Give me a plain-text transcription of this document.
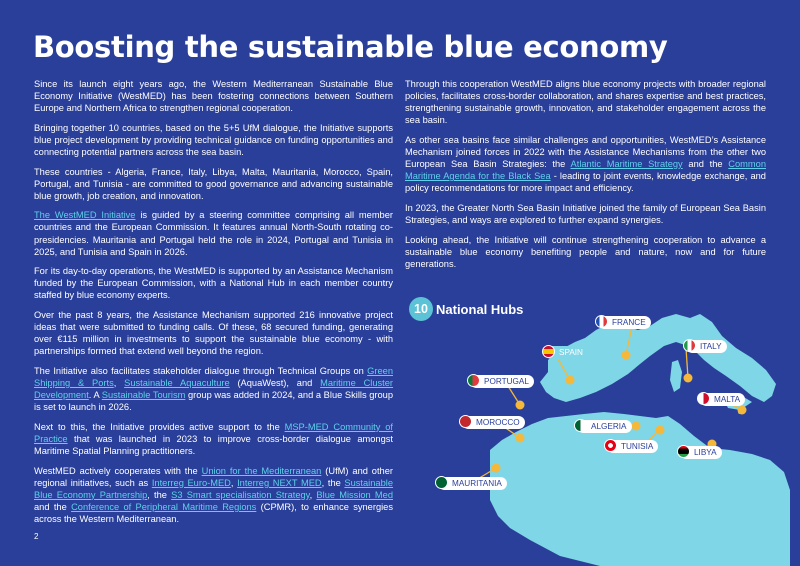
Boosting the sustainable blue economy

Since its launch eight years ago, the Western Mediterranean Sustainable Blue Economy Initiative (WestMED) has been fostering connections between Southern Europe and Northern Africa to strengthen regional cooperation.

Bringing together 10 countries, based on the 5+5 UfM dialogue, the Initiative supports blue project development by providing technical guidance on funding opportunities and connecting potential partners across the sea basin.

These countries - Algeria, France, Italy, Libya, Malta, Mauritania, Morocco, Spain, Portugal, and Tunisia - are committed to good governance and advancing sustainable blue growth, job creation, and innovation.

The WestMED Initiative is guided by a steering committee comprising all member countries and the European Commission. It features annual North-South rotating co-presidencies. Mauritania and Portugal held the role in 2024, Portugal and Tunisia in 2025, and Tunisia and Spain in 2026.

For its day-to-day operations, the WestMED is supported by an Assistance Mechanism funded by the European Commission, with a National Hub in each member country staffed by blue economy experts.

Over the past 8 years, the Assistance Mechanism supported 216 innovative project ideas that were submitted to funding calls. Of these, 68 secured funding, generating over €115 million in investments to support the sustainable blue economy - with partnerships formed that extend well beyond the region.

The Initiative also facilitates stakeholder dialogue through Technical Groups on Green Shipping & Ports, Sustainable Aquaculture (AquaWest), and Maritime Cluster Development. A Sustainable Tourism group was added in 2024, and a Blue Skills group is set to launch in 2026.

Next to this, the Initiative provides active support to the MSP-MED Community of Practice that was launched in 2023 to improve cross-border dialogue amongst Maritime Spatial Planning practitioners.

WestMED actively cooperates with the Union for the Mediterranean (UfM) and other regional initiatives, such as Interreg Euro-MED, Interreg NEXT MED, the Sustainable Blue Economy Partnership, the S3 Smart specialisation Strategy, Blue Mission Med and the Conference of Peripheral Maritime Regions (CPMR), to enhance synergies across the Western Mediterranean.

Through this cooperation WestMED aligns blue economy projects with broader regional policies, facilitates cross-border collaboration, and shares expertise and best practices, strengthening sustainable growth, innovation, and stakeholder engagement across the sea basin.

As other sea basins face similar challenges and opportunities, WestMED’s Assistance Mechanism joined forces in 2022 with the Assistance Mechanisms from the other two European Sea Basin Strategies: the Atlantic Maritime Strategy and the Common Maritime Agenda for the Black Sea - leading to joint events, knowledge exchange, and policy recommendations for more impact and efficiency.

In 2023, the Greater North Sea Basin Initiative joined the family of European Sea Basin Strategies, and ways are explored to further expand synergies.

Looking ahead, the Initiative will continue strengthening cooperation to advance a sustainable blue economy benefiting people and nature, now and for future generations.

10 National Hubs
FRANCE
SPAIN
ITALY
PORTUGAL
MALTA
MOROCCO	ALGERIA
TUNISIA
LIBYA
MAURITANIA
2
